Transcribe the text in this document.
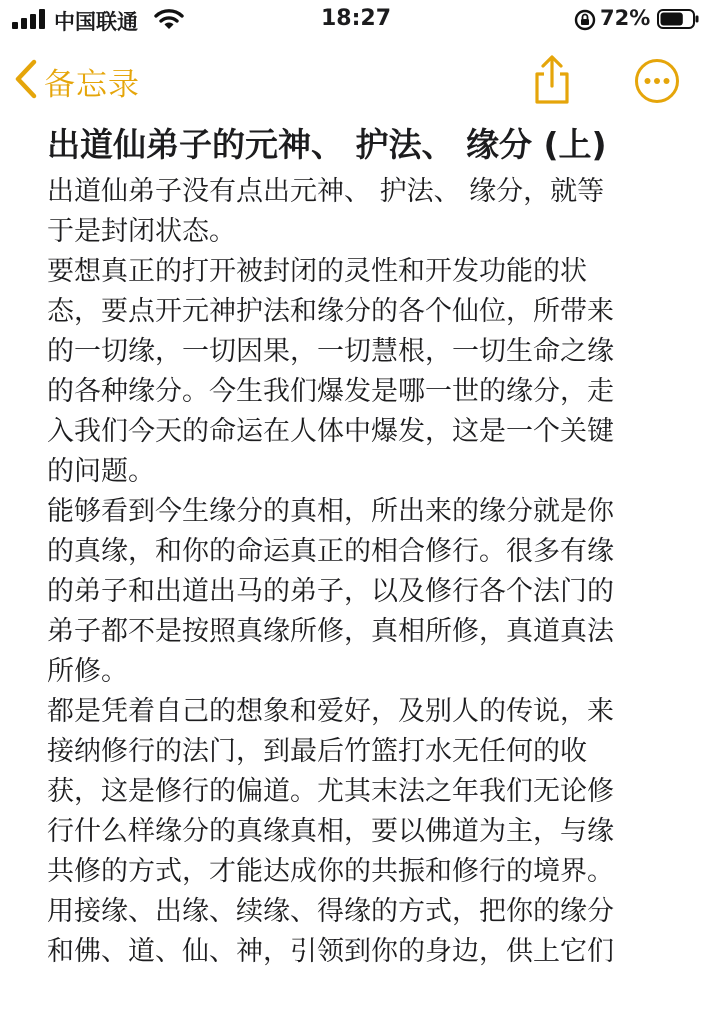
中国联通	18:27	72%
备忘录
出道仙弟子的元神、 护法、 缘分 (上)

出道仙弟子没有点出元神、 护法、 缘分，就等

于是封闭状态。

要想真正的打开被封闭的灵性和开发功能的状

态，要点开元神护法和缘分的各个仙位，所带来

的一切缘，一切因果，一切慧根，一切生命之缘

的各种缘分。今生我们爆发是哪一世的缘分，走

入我们今天的命运在人体中爆发，这是一个关键

的问题。

能够看到今生缘分的真相，所出来的缘分就是你

的真缘，和你的命运真正的相合修行。很多有缘

的弟子和出道出马的弟子，以及修行各个法门的

弟子都不是按照真缘所修，真相所修，真道真法

所修。

都是凭着自己的想象和爱好，及别人的传说，来

接纳修行的法门，到最后竹篮打水无任何的收

获，这是修行的偏道。尤其末法之年我们无论修

行什么样缘分的真缘真相，要以佛道为主，与缘

共修的方式，才能达成你的共振和修行的境界。

用接缘、出缘、续缘、得缘的方式，把你的缘分

和佛、道、仙、神，引领到你的身边，供上它们
